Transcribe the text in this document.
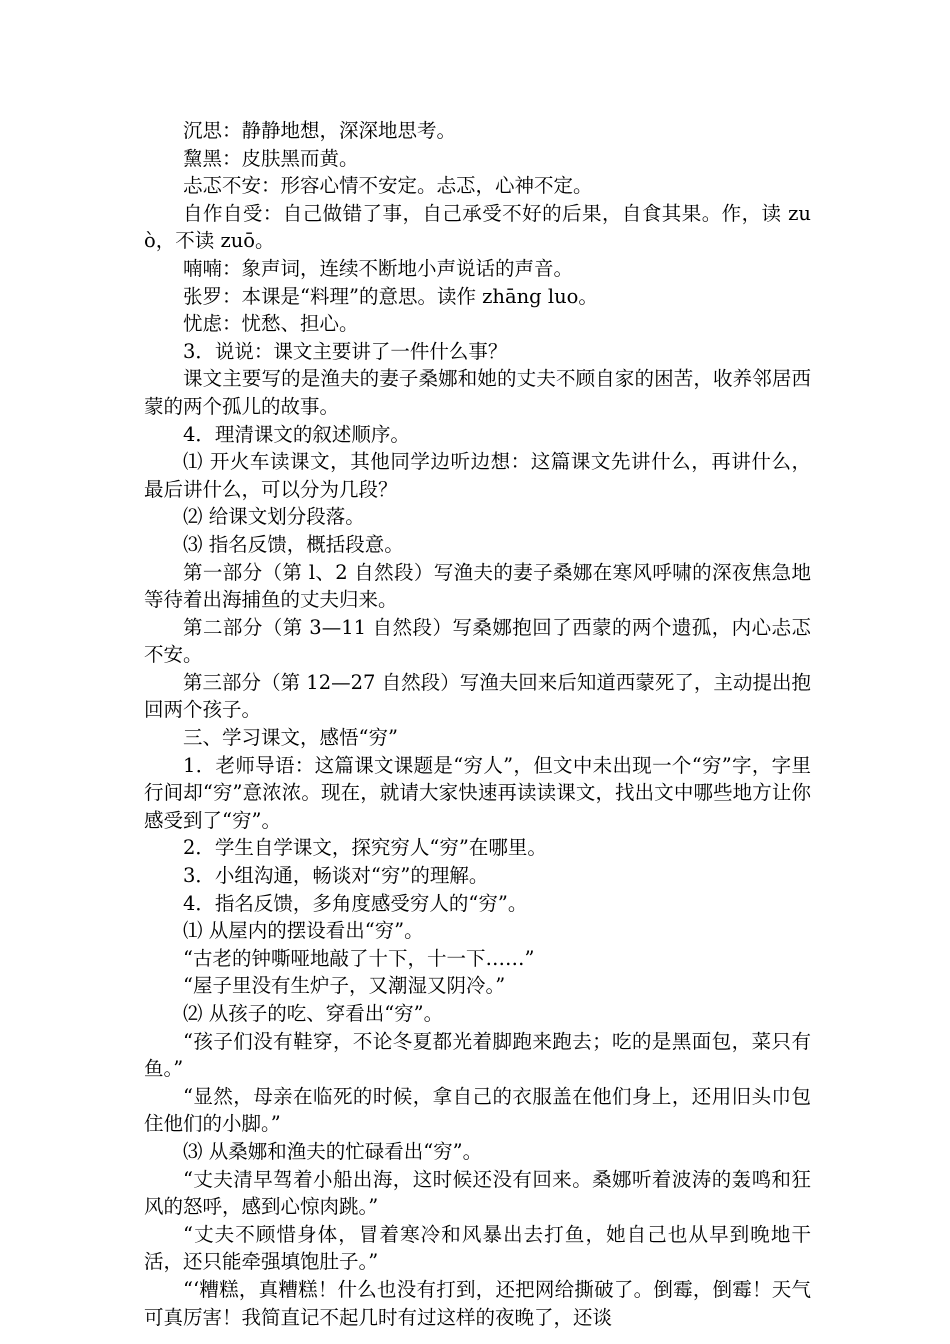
沉思：静静地想，深深地思考。

黧黑：皮肤黑而黄。

忐忑不安：形容心情不安定。忐忑，心神不定。

自作自受：自己做错了事，自己承受不好的后果，自食其果。作，读 zuò，不读 zuō。

喃喃：象声词，连续不断地小声说话的声音。

张罗：本课是“料理”的意思。读作 zhāng luo。

忧虑：忧愁、担心。

3．说说：课文主要讲了一件什么事？

课文主要写的是渔夫的妻子桑娜和她的丈夫不顾自家的困苦，收养邻居西蒙的两个孤儿的故事。

4．理清课文的叙述顺序。

⑴ 开火车读课文，其他同学边听边想：这篇课文先讲什么，再讲什么，最后讲什么，可以分为几段？

⑵ 给课文划分段落。

⑶ 指名反馈，概括段意。

第一部分（第 l、2 自然段）写渔夫的妻子桑娜在寒风呼啸的深夜焦急地等待着出海捕鱼的丈夫归来。

第二部分（第 3—11 自然段）写桑娜抱回了西蒙的两个遗孤，内心忐忑不安。

第三部分（第 12—27 自然段）写渔夫回来后知道西蒙死了，主动提出抱回两个孩子。

三、学习课文，感悟“穷”

1．老师导语：这篇课文课题是“穷人”，但文中未出现一个“穷”字，字里行间却“穷”意浓浓。现在，就请大家快速再读读课文，找出文中哪些地方让你感受到了“穷”。

2．学生自学课文，探究穷人“穷”在哪里。

3．小组沟通，畅谈对“穷”的理解。

4．指名反馈，多角度感受穷人的“穷”。

⑴ 从屋内的摆设看出“穷”。

“古老的钟嘶哑地敲了十下，十一下……”

“屋子里没有生炉子，又潮湿又阴冷。”

⑵ 从孩子的吃、穿看出“穷”。

“孩子们没有鞋穿，不论冬夏都光着脚跑来跑去；吃的是黑面包，菜只有鱼。”

“显然，母亲在临死的时候，拿自己的衣服盖在他们身上，还用旧头巾包住他们的小脚。”

⑶ 从桑娜和渔夫的忙碌看出“穷”。

“丈夫清早驾着小船出海，这时候还没有回来。桑娜听着波涛的轰鸣和狂风的怒呼，感到心惊肉跳。”

“丈夫不顾惜身体，冒着寒冷和风暴出去打鱼，她自己也从早到晚地干活，还只能牵强填饱肚子。”

“‘糟糕，真糟糕！什么也没有打到，还把网给撕破了。倒霉，倒霉！天气可真厉害！我简直记不起几时有过这样的夜晚了，还谈
